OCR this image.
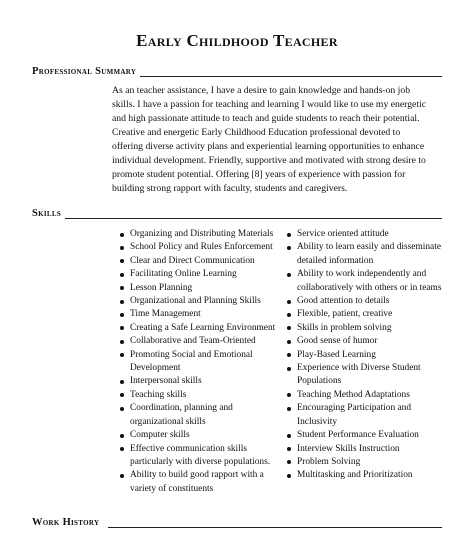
Early Childhood Teacher
Professional Summary

As an teacher assistance, I have a desire to gain knowledge and hands-on job skills. I have a passion for teaching and learning I would like to use my energetic and high passionate attitude to teach and guide students to reach their potential. Creative and energetic Early Childhood Education professional devoted to offering diverse activity plans and experiential learning opportunities to enhance individual development. Friendly, supportive and motivated with strong desire to promote student potential. Offering [8] years of experience with passion for building strong rapport with faculty, students and caregivers.

Skills
Organizing and Distributing Materials
School Policy and Rules Enforcement
Clear and Direct Communication
Facilitating Online Learning
Lesson Planning
Organizational and Planning Skills
Time Management
Creating a Safe Learning Environment
Collaborative and Team-Oriented
Promoting Social and Emotional Development
Interpersonal skills
Teaching skills
Coordination, planning and organizational skills
Computer skills
Effective communication skills particularly with diverse populations.
Ability to build good rapport with a variety of constituents
Service oriented attitude
Ability to learn easily and disseminate detailed information
Ability to work independently and collaboratively with others or in teams
Good attention to details
Flexible, patient, creative
Skills in problem solving
Good sense of humor
Play-Based Learning
Experience with Diverse Student Populations
Teaching Method Adaptations
Encouraging Participation and Inclusivity
Student Performance Evaluation
Interview Skills Instruction
Problem Solving
Multitasking and Prioritization
Work History
